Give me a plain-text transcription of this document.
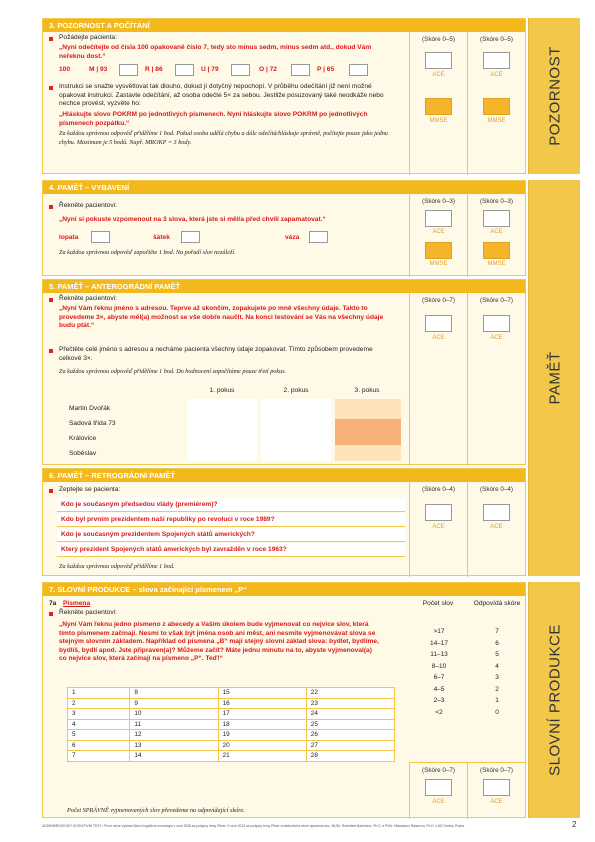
POZORNOST
PAMĚŤ
SLOVNÍ PRODUKCE
3. POZORNOST A POČÍTÁNÍ
Požádejte pacienta:
„Nyní odečítejte od čísla 100 opakovaně číslo 7, tedy sto mínus sedm, mínus sedm atd., dokud Vám neřeknu dost.“
100	M | 93	R | 86	U | 79	O | 72	P | 65
Instrukci se snažte vysvětlovat tak dlouho, dokud jí dotyčný nepochopí. V průběhu odečítání již není možné opakovat instrukci. Zastavte odečítání, až osoba odečte 5× za sebou. Jestliže posuzovaný také neodkáže nebo nechce provést, vyzvěte ho:
„Hláskujte slovo POKRM po jednotlivých písmenech. Nyní hláskujte slovo POKRM po jednotlivých písmenech pozpátku.“
Za každou správnou odpověď přidělíme 1 bod. Pokud osoba udělá chybu a dále odečítá/hláskuje správně, počítejte pouze jako jednu chybu. Maximum je 5 bodů. Např. MROKP = 3 body.
(Skóre 0–5)
ACE
MMSE
(Skóre 0–5)
ACE
MMSE
4. PAMĚŤ – VYBAVENÍ
Řekněte pacientovi:
„Nyní si pokuste vzpomenout na 3 slova, která jste si měl/a před chvílí zapamatovat.“
lopata	šátek	váza
Za každou správnou odpověď započtěte 1 bod. Na pořadí slov nezáleží.
(Skóre 0–3)
ACE
MMSE
(Skóre 0–3)
ACE
MMSE
5. PAMĚŤ – ANTEROGRÁDNÍ PAMĚŤ
Řekněte pacientovi:
„Nyní Vám řeknu jméno s adresou. Teprve až skončím, zopakujete po mně všechny údaje. Takto to provedeme 3×, abyste měl(a) možnost se vše dobře naučit. Na konci testování se Vás na všechny údaje budu ptát.“
Přečtěte celé jméno s adresou a necháme pacienta všechny údaje zopakovat. Tímto způsobem provedeme celkově 3×.
Za každou správnou odpověď přidělíme 1 bod. Do hodnocení započítáme pouze třetí pokus.
1. pokus	2. pokus	3. pokus
Martin Dvořák
Sadová třída 73
Královice
Soběslav
(Skóre 0–7)
ACE
(Skóre 0–7)
ACE
6. PAMĚŤ – RETROGRÁDNÍ PAMĚŤ
Zeptejte se pacienta:
Kdo je současným předsedou vlády (premiérem)?
Kdo byl prvním prezidentem naší republiky po revoluci v roce 1989?
Kdo je současným prezidentem Spojených států amerických?
Který prezident Spojených států amerických byl zavražděn v roce 1963?
Za každou správnou odpověď přidělíme 1 bod.
(Skóre 0–4)
ACE
(Skóre 0–4)
ACE
7. SLOVNÍ PRODUKCE – slova začínající písmenem „P“
7a Písmena
Řekněte pacientovi:
„Nyní Vám řeknu jedno písmeno z abecedy a Vaším úkolem bude vyjmenovat co nejvíce slov, která tímto písmenem začínají. Nesmí to však být jména osob ani měst, ani nesmíte vyjmenovávat slova se stejným slovním základem. Například od písmena „B“ mají stejný slovní základ slova: bydlet, bydlíme, bydlíš, bydlí apod. Jste připraven(a)? Můžeme začít? Máte jednu minutu na to, abyste vyjmenoval(a) co nejvíce slov, která začínají na písmeno „P“. Teď!“
1	8	15	22
2	9	16	23
3	10	17	24
4	11	18	25
5	12	19	26
6	13	20	27
7	14	21	28
Počet SPRÁVNĚ vyjmenovaných slov převedeme na odpovídající skóre.
Počet slov	Odpovídá skóre
>17	7
14–17	6
11–13	5
8–10	4
6–7	3
4–5	2
2–3	1
<2	0
(Skóre 0–7)
ACE
(Skóre 0–7)
ACE
ADDENBROOKSKÝ KOGNITIVNÍ TEST • První verze vydána Sekcí kognitivní neurologie v roce 2008 za podpory firmy Pfizer. V roce 2010 za podpory firmy Pfizer vznikla druhá verze upravená doc. MUDr. Robertem Bartošem, Ph.D. a PhDr. Miloslavou Raisovou, Ph.D. z AD Centra, Praha.	2
